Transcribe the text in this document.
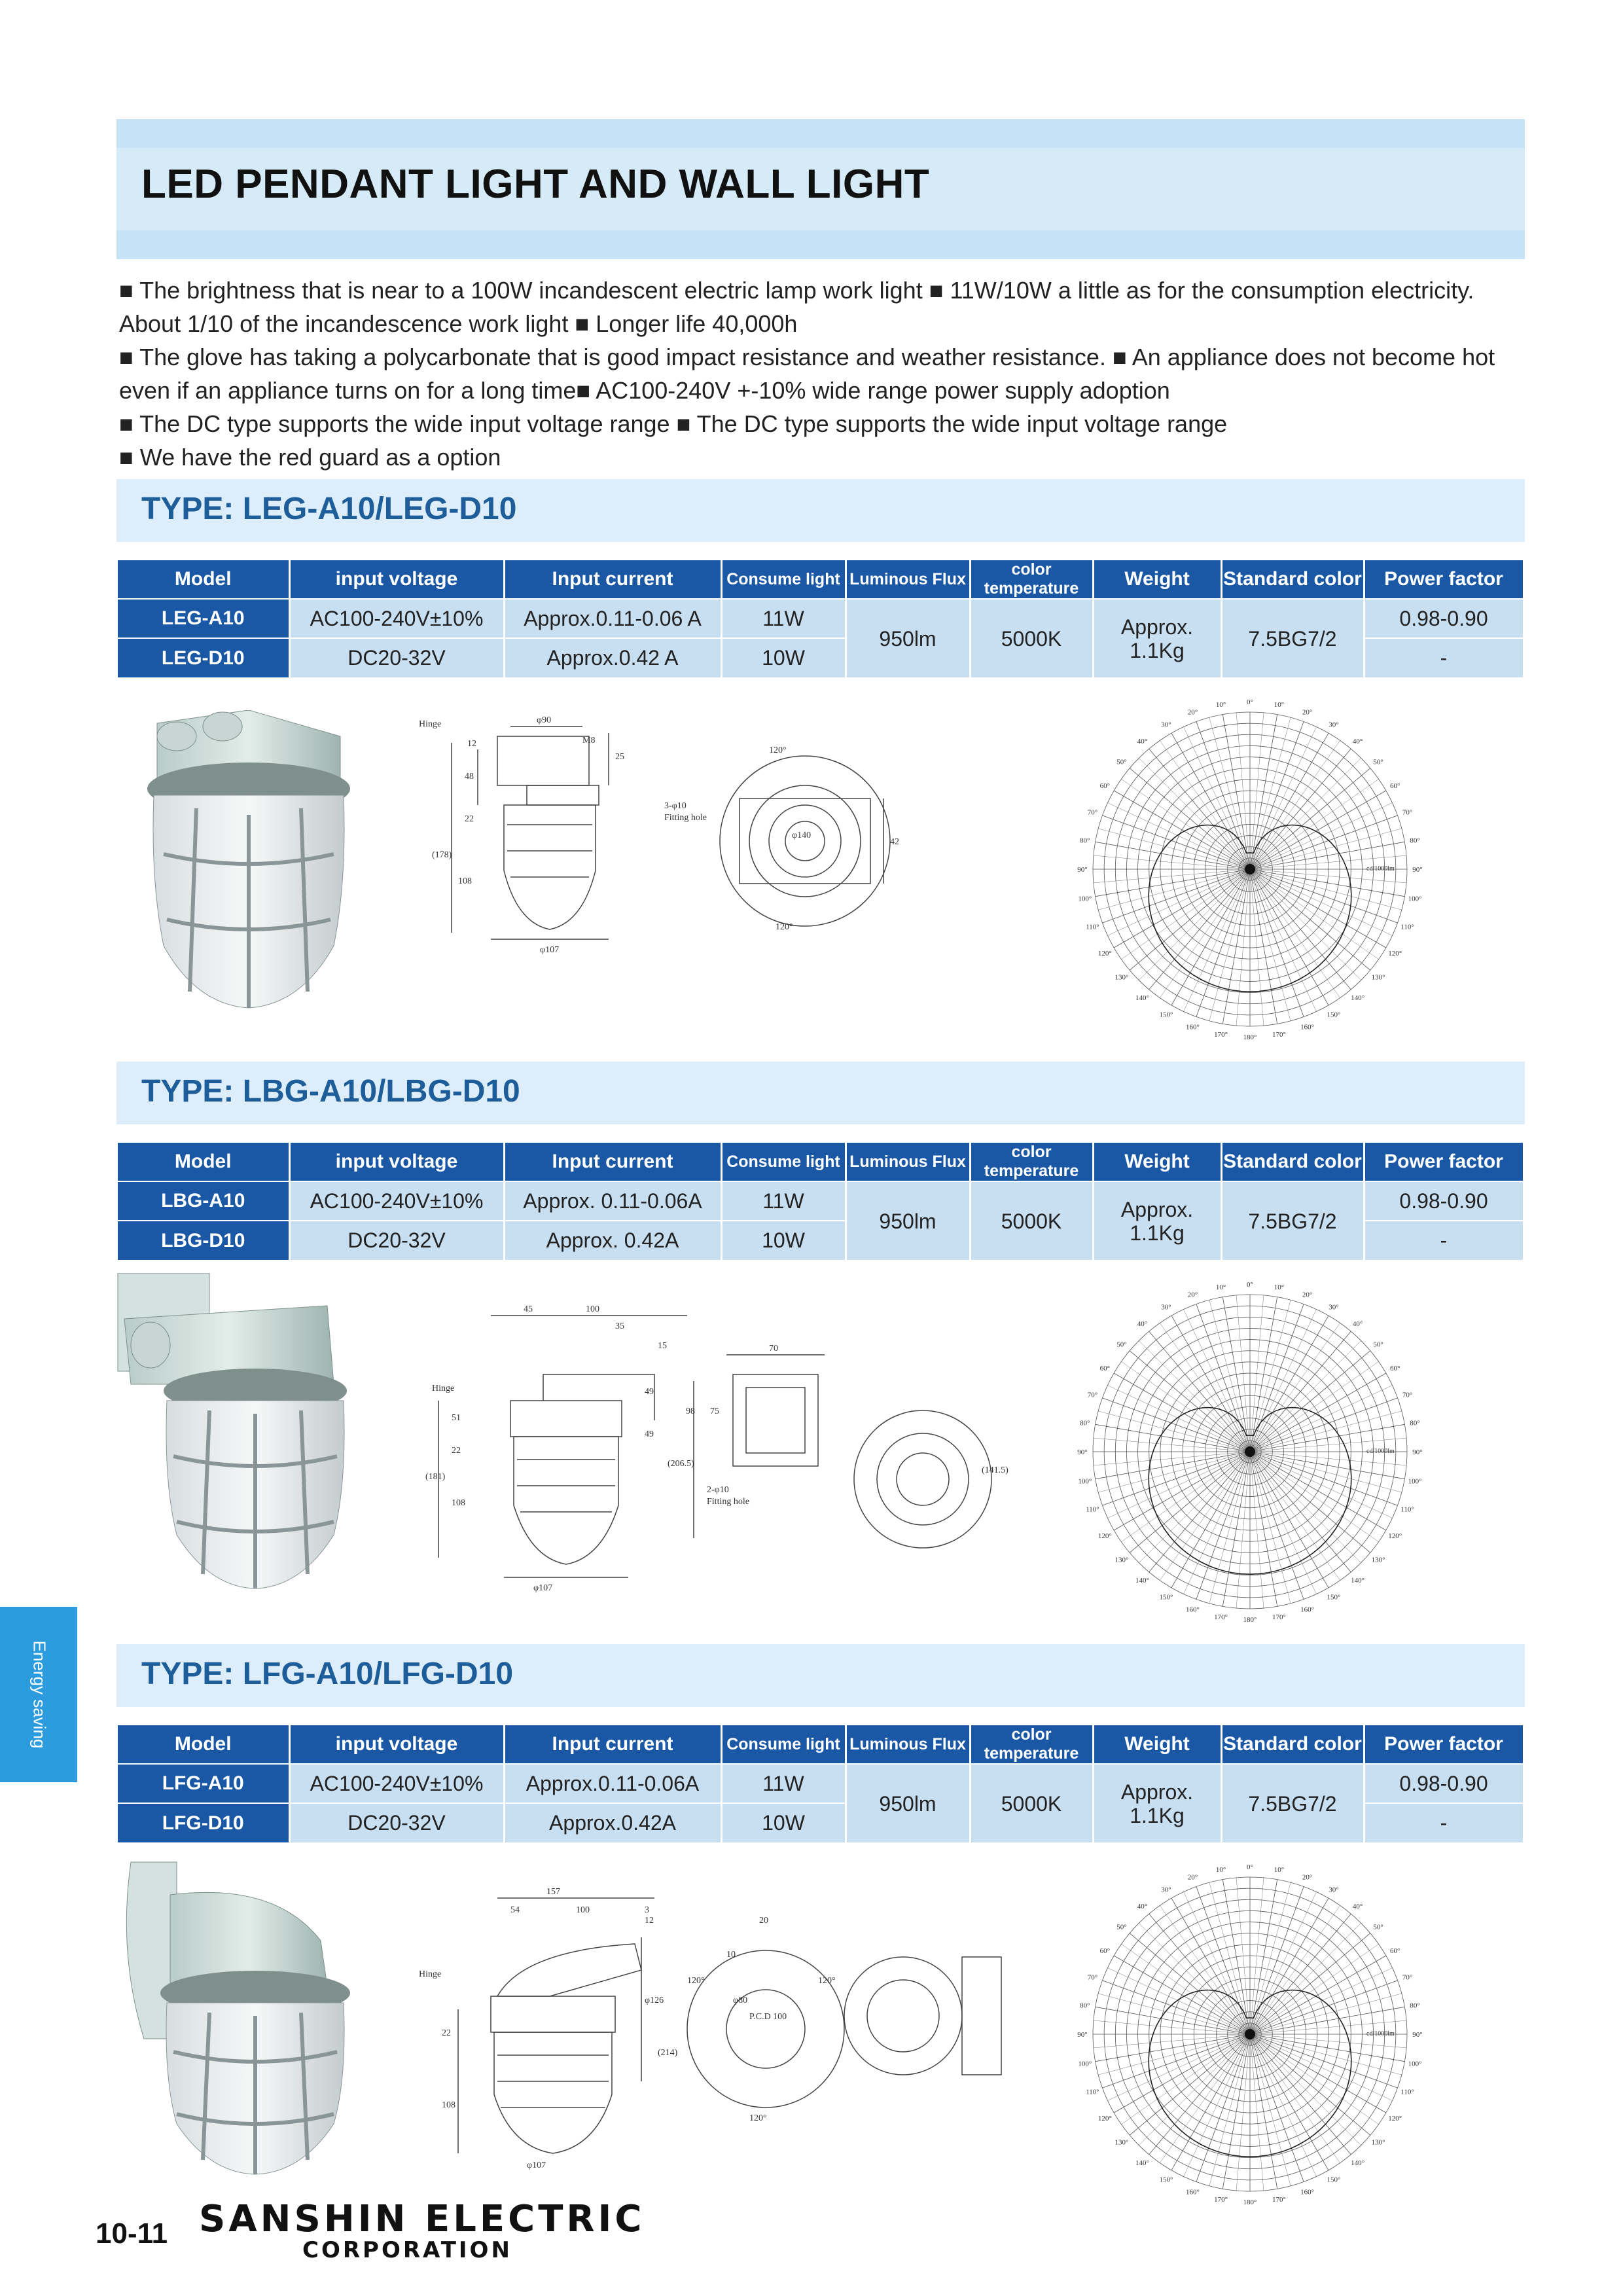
LED PENDANT LIGHT AND WALL LIGHT

■ The brightness that is near to a 100W incandescent electric lamp work light ■ 11W/10W a little as for the consumption electricity. About 1/10 of the incandescence work light ■ Longer life 40,000h

■ The glove has taking a polycarbonate that is good impact resistance and weather resistance. ■ An appliance does not become hot even if an appliance turns on for a long time■ AC100-240V +-10% wide range power supply adoption

■ The DC type supports the wide input voltage range ■ The DC type supports the wide input voltage range

■ We have the red guard as a option

TYPE: LEG-A10/LEG-D10
Model	input voltage	Input current	Consume light	Luminous Flux	color temperature	Weight	Standard color	Power factor
LEG-A10	AC100-240V±10%	Approx.0.11-0.06 A	11W	950lm	5000K	Approx. 1.1Kg	7.5BG7/2	0.98-0.90
LEG-D10	DC20-32V	Approx.0.42 A	10W					-
TYPE: LBG-A10/LBG-D10
Model	input voltage	Input current	Consume light	Luminous Flux	color temperature	Weight	Standard color	Power factor
LBG-A10	AC100-240V±10%	Approx. 0.11-0.06A	11W	950lm	5000K	Approx. 1.1Kg	7.5BG7/2	0.98-0.90
LBG-D10	DC20-32V	Approx. 0.42A	10W					-
TYPE: LFG-A10/LFG-D10
Model	input voltage	Input current	Consume light	Luminous Flux	color temperature	Weight	Standard color	Power factor
LFG-A10	AC100-240V±10%	Approx.0.11-0.06A	11W	950lm	5000K	Approx. 1.1Kg	7.5BG7/2	0.98-0.90
LFG-D10	DC20-32V	Approx.0.42A	10W					-
Hinge	φ90
M8
48
12
25
22
(178)
108
φ107
3-φ10
Fitting hole
120°
120°
φ140
42
Hinge
45	100
35
15	70
51
22
(181)
108
49
49
98 75
(206.5)
(141.5)
φ107
2-φ10
Fitting hole
157
54	100	3
12	20
Hinge
22
108
(214)
φ126
φ107
φ80
P.C.D 100
120°	120°
120°
10
180° 170°
170°
160°
160°
150°
150°
140°
140°
130°
130°
120°
120°
110°
110°
100°
100°
90°
90°
80°
80°
70°
70°
60°
60°
50°
50°
40°
40°
30°
30°
20°
20°
10°
10°	0°
cd/1000lm
180° 170°
170°
160°
160°
150°
150°
140°
140°
130°
130°
120°
120°
110°
110°
100°
100°
90°
90°
80°
80°
70°
70°
60°
60°
50°
50°
40°
40°
30°
30°
20°
20°
10°
10°	0°
cd/1000lm
180° 170°
170°
160°
160°
150°
150°
140°
140°
130°
130°
120°
120°
110°
110°
100°
100°
90°
90°
80°
80°
70°
70°
60°
60°
50°
50°
40°
40°
30°
30°
20°
20°
10°
10°	0°
cd/1000lm
Energy saving
10-11 SANSHIN ELECTRIC
CORPORATION
